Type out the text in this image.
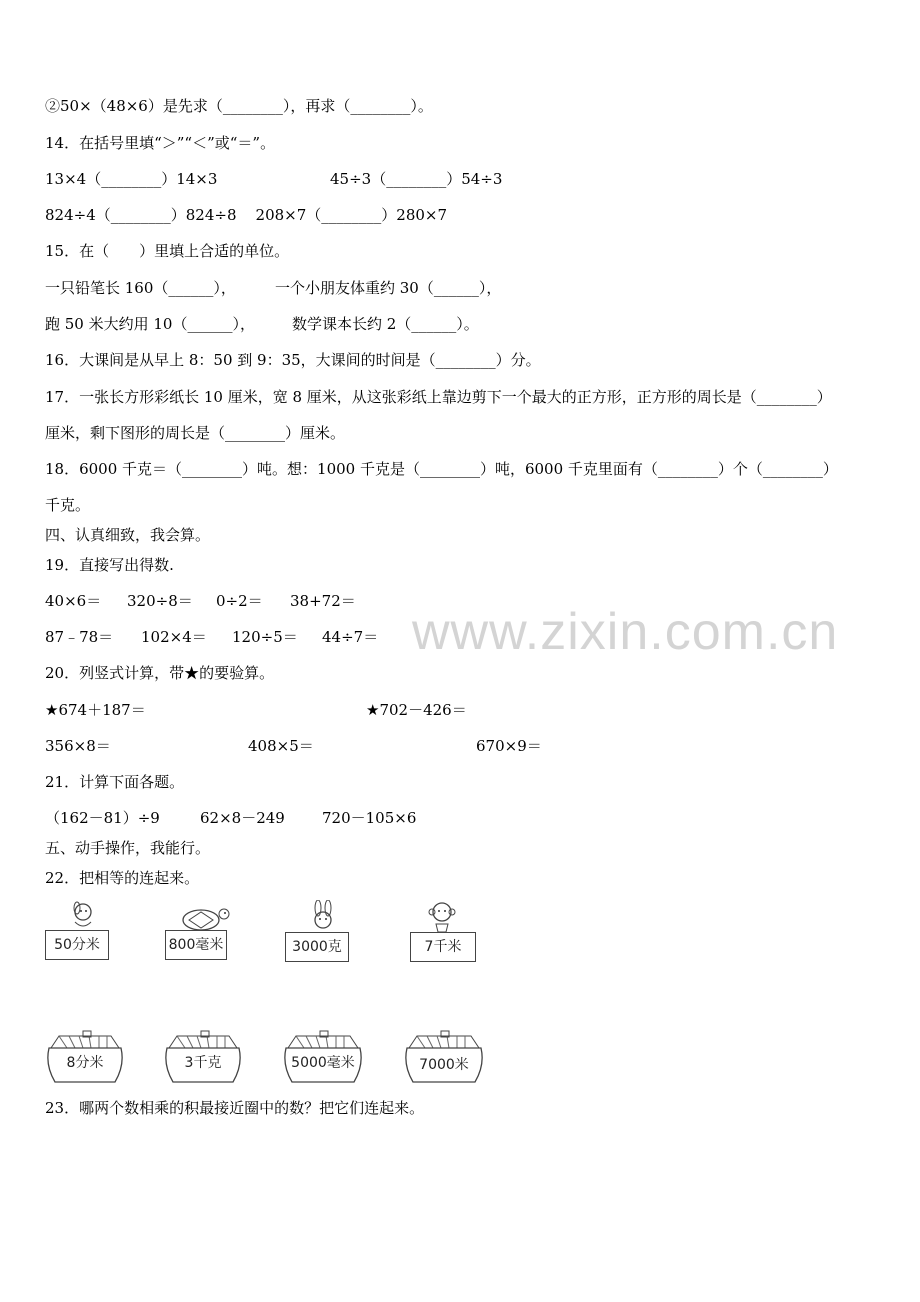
www.zixin.com.cn
②50×（48×6）是先求（________），再求（________）。
14．在括号里填“＞”“＜”或“＝”。
13×4（________）14×3	45÷3（________）54÷3
824÷4（________）824÷8    208×7（________）280×7
15．在（　　）里填上合适的单位。
一只铅笔长 160（______），	一个小朋友体重约 30（______），
跑 50 米大约用 10（______）， 数学课本长约 2（______）。
16．大课间是从早上 8：50 到 9：35，大课间的时间是（________）分。
17．一张长方形彩纸长 10 厘米，宽 8 厘米，从这张彩纸上靠边剪下一个最大的正方形，正方形的周长是（________）
厘米，剩下图形的周长是（________）厘米。
18．6000 千克＝（________）吨。想：1000 千克是（________）吨，6000 千克里面有（________）个（________）
千克。
四、认真细致，我会算。
19．直接写出得数.
40×6＝ 320÷8＝ 0÷2＝ 38+72＝
87﹣78＝ 102×4＝ 120÷5＝ 44÷7＝
20．列竖式计算，带★的要验算。
★674＋187＝	★702－426＝
356×8＝	408×5＝	670×9＝
21．计算下面各题。
（162－81）÷9	62×8－249 720－105×6
五、动手操作，我能行。
22．把相等的连起来。
50分米	800毫米	3000克	7千米
8分米	3千克	5000毫米	7000米
23．哪两个数相乘的积最接近圈中的数？把它们连起来。
